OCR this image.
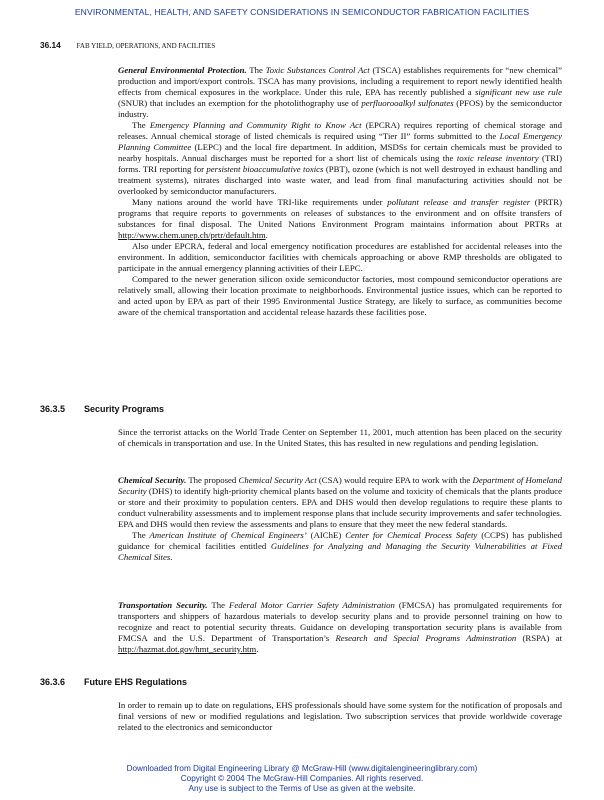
ENVIRONMENTAL, HEALTH, AND SAFETY CONSIDERATIONS IN SEMICONDUCTOR FABRICATION FACILITIES
36.14 FAB YIELD, OPERATIONS, AND FACILITIES

General Environmental Protection. The Toxic Substances Control Act (TSCA) establishes requirements for “new chemical” production and import/export controls. TSCA has many provisions, including a requirement to report newly identified health effects from chemical exposures in the workplace. Under this rule, EPA has recently published a significant new use rule (SNUR) that includes an exemption for the photolithography use of perfluorooalkyl sulfonates (PFOS) by the semiconductor industry.

The Emergency Planning and Community Right to Know Act (EPCRA) requires reporting of chemical storage and releases. Annual chemical storage of listed chemicals is required using “Tier II” forms submitted to the Local Emergency Planning Committee (LEPC) and the local fire department. In addition, MSDSs for certain chemicals must be provided to nearby hospitals. Annual discharges must be reported for a short list of chemicals using the toxic release inventory (TRI) forms. TRI reporting for persistent bioaccumulative toxics (PBT), ozone (which is not well destroyed in exhaust handling and treatment systems), nitrates discharged into waste water, and lead from final manufacturing activities should not be overlooked by semiconductor manufacturers.

Many nations around the world have TRI-like requirements under pollutant release and transfer register (PRTR) programs that require reports to governments on releases of substances to the environment and on offsite transfers of substances for final disposal. The United Nations Environment Program maintains information about PRTRs at http://www.chem.unep.ch/prtr/default.htm.

Also under EPCRA, federal and local emergency notification procedures are established for accidental releases into the environment. In addition, semiconductor facilities with chemicals approaching or above RMP thresholds are obligated to participate in the annual emergency planning activities of their LEPC.

Compared to the newer generation silicon oxide semiconductor factories, most compound semiconductor operations are relatively small, allowing their location proximate to neighborhoods. Environmental justice issues, which can be reported to and acted upon by EPA as part of their 1995 Environmental Justice Strategy, are likely to surface, as communities become aware of the chemical transportation and accidental release hazards these facilities pose.

36.3.5 Security Programs

Since the terrorist attacks on the World Trade Center on September 11, 2001, much attention has been placed on the security of chemicals in transportation and use. In the United States, this has resulted in new regulations and pending legislation.

Chemical Security. The proposed Chemical Security Act (CSA) would require EPA to work with the Department of Homeland Security (DHS) to identify high-priority chemical plants based on the volume and toxicity of chemicals that the plants produce or store and their proximity to population centers. EPA and DHS would then develop regulations to require these plants to conduct vulnerability assessments and to implement response plans that include security improvements and safer technologies. EPA and DHS would then review the assessments and plans to ensure that they meet the new federal standards.

The American Institute of Chemical Engineers’ (AIChE) Center for Chemical Process Safety (CCPS) has published guidance for chemical facilities entitled Guidelines for Analyzing and Managing the Security Vulnerabilities at Fixed Chemical Sites.

Transportation Security. The Federal Motor Carrier Safety Administration (FMCSA) has promulgated requirements for transporters and shippers of hazardous materials to develop security plans and to provide personnel training on how to recognize and react to potential security threats. Guidance on developing transportation security plans is available from FMCSA and the U.S. Department of Transportation’s Research and Special Programs Adminstration (RSPA) at http://hazmat.dot.gov/hmt_security.htm.

36.3.6 Future EHS Regulations

In order to remain up to date on regulations, EHS professionals should have some system for the notification of proposals and final versions of new or modified regulations and legislation. Two subscription services that provide worldwide coverage related to the electronics and semiconductor

Downloaded from Digital Engineering Library @ McGraw-Hill (www.digitalengineeringlibrary.com)
Copyright © 2004 The McGraw-Hill Companies. All rights reserved.
Any use is subject to the Terms of Use as given at the website.
